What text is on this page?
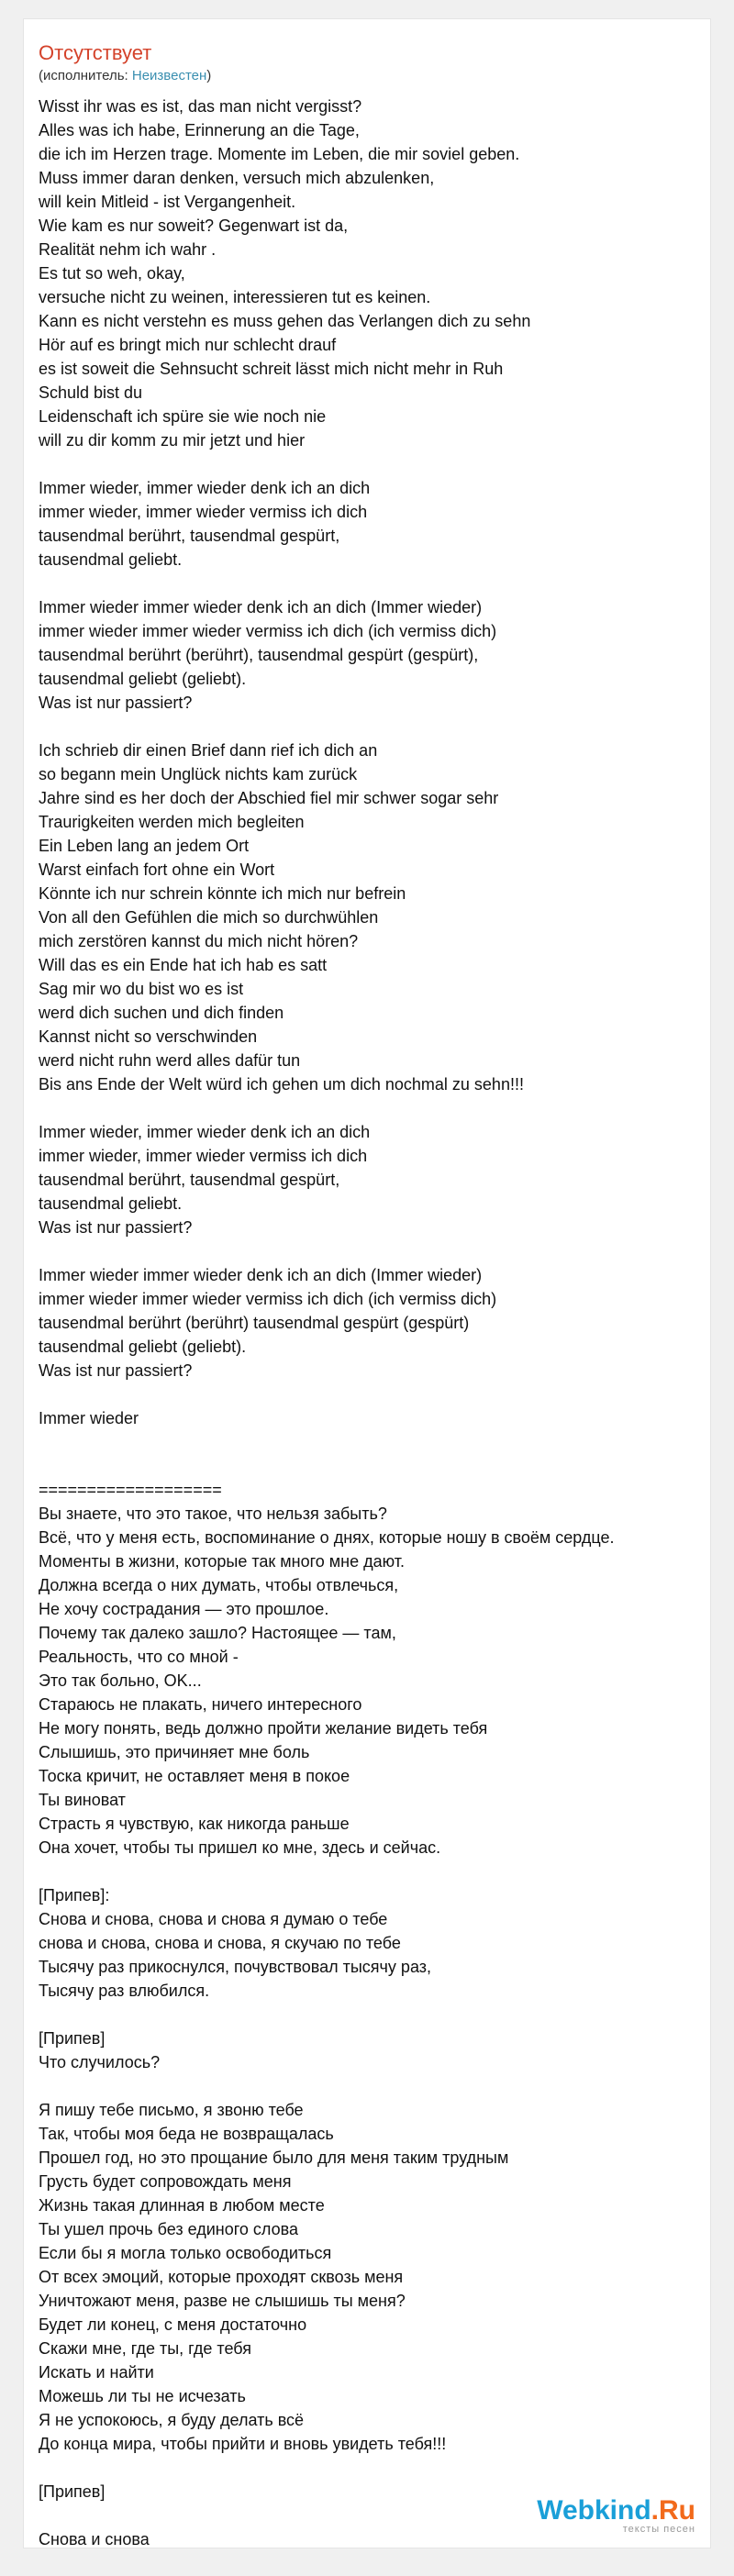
Отсутствует
(исполнитель: Неизвестен)
Wisst ihr was es ist, das man nicht vergisst?
Alles was ich habe, Erinnerung an die Tage,
die ich im Herzen trage. Momente im Leben, die mir soviel geben.
Muss immer daran denken, versuch mich abzulenken,
will kein Mitleid - ist Vergangenheit.
Wie kam es nur soweit? Gegenwart ist da,
Realität nehm ich wahr .
Es tut so weh, okay,
versuche nicht zu weinen, interessieren tut es keinen.
Kann es nicht verstehn es muss gehen das Verlangen dich zu sehn
Hör auf es bringt mich nur schlecht drauf
es ist soweit die Sehnsucht schreit lässt mich nicht mehr in Ruh
Schuld bist du
Leidenschaft ich spüre sie wie noch nie
will zu dir komm zu mir jetzt und hier
Immer wieder, immer wieder denk ich an dich
immer wieder, immer wieder vermiss ich dich
tausendmal berührt, tausendmal gespürt,
tausendmal geliebt.
Immer wieder immer wieder denk ich an dich (Immer wieder)
immer wieder immer wieder vermiss ich dich (ich vermiss dich)
tausendmal berührt (berührt), tausendmal gespürt (gespürt),
tausendmal geliebt (geliebt).
Was ist nur passiert?
Ich schrieb dir einen Brief dann rief ich dich an
so begann mein Unglück nichts kam zurück
Jahre sind es her doch der Abschied fiel mir schwer sogar sehr
Traurigkeiten werden mich begleiten
Ein Leben lang an jedem Ort
Warst einfach fort ohne ein Wort
Könnte ich nur schrein könnte ich mich nur befrein
Von all den Gefühlen die mich so durchwühlen
mich zerstören kannst du mich nicht hören?
Will das es ein Ende hat ich hab es satt
Sag mir wo du bist wo es ist
werd dich suchen und dich finden
Kannst nicht so verschwinden
werd nicht ruhn werd alles dafür tun
Bis ans Ende der Welt würd ich gehen um dich nochmal zu sehn!!!
Immer wieder, immer wieder denk ich an dich
immer wieder, immer wieder vermiss ich dich
tausendmal berührt, tausendmal gespürt,
tausendmal geliebt.
Was ist nur passiert?
Immer wieder immer wieder denk ich an dich (Immer wieder)
immer wieder immer wieder vermiss ich dich (ich vermiss dich)
tausendmal berührt (berührt) tausendmal gespürt (gespürt)
tausendmal geliebt (geliebt).
Was ist nur passiert?
Immer wieder
===================
Вы знаете, что это такое, что нельзя забыть?
Всё, что у меня есть, воспоминание о днях, которые ношу в своём сердце.
Моменты в жизни, которые так много мне дают.
Должна всегда о них думать, чтобы отвлечься,
Не хочу сострадания — это прошлое.
Почему так далеко зашло? Настоящее — там,
Реальность, что со мной -
Это так больно, OK...
Стараюсь не плакать, ничего интересного
Не могу понять, ведь должно пройти желание видеть тебя
Слышишь, это причиняет мне боль
Тоска кричит, не оставляет меня в покое
Ты виноват
Страсть я чувствую, как никогда раньше
Она хочет, чтобы ты пришел ко мне, здесь и сейчас.
[Припев]:
Снова и снова, снова и снова я думаю о тебе
снова и снова, снова и снова, я скучаю по тебе
Тысячу раз прикоснулся, почувствовал тысячу раз,
Тысячу раз влюбился.
[Припев]
Что случилось?
Я пишу тебе письмо, я звоню тебе
Так, чтобы моя беда не возвращалась
Прошел год, но это прощание было для меня таким трудным
Грусть будет сопровождать меня
Жизнь такая длинная в любом месте
Ты ушел прочь без единого слова
Если бы я могла только освободиться
От всех эмоций, которые проходят сквозь меня
Уничтожают меня, разве не слышишь ты меня?
Будет ли конец, с меня достаточно
Скажи мне, где ты, где тебя
Искать и найти
Можешь ли ты не исчезать
Я не успокоюсь, я буду делать всё
До конца мира, чтобы прийти и вновь увидеть тебя!!!
[Припев]
Снова и снова
Webkind.Ru
тексты песен
